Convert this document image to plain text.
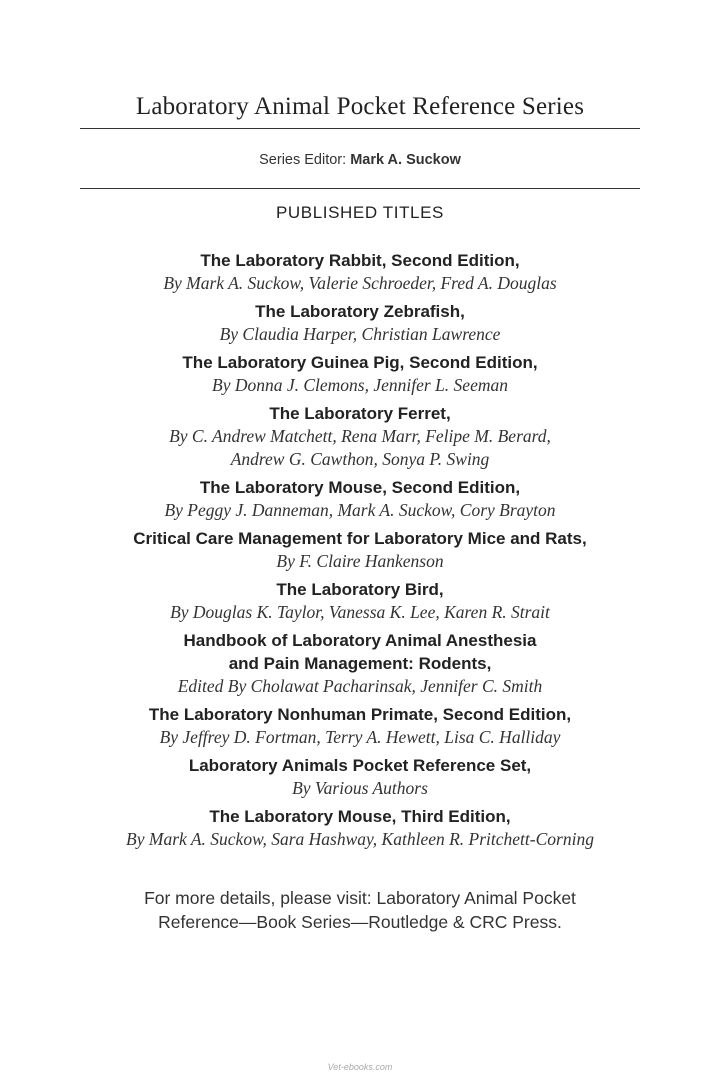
Laboratory Animal Pocket Reference Series
Series Editor: Mark A. Suckow
PUBLISHED TITLES
The Laboratory Rabbit, Second Edition,
By Mark A. Suckow, Valerie Schroeder, Fred A. Douglas
The Laboratory Zebrafish,
By Claudia Harper, Christian Lawrence
The Laboratory Guinea Pig, Second Edition,
By Donna J. Clemons, Jennifer L. Seeman
The Laboratory Ferret,
By C. Andrew Matchett, Rena Marr, Felipe M. Berard,
Andrew G. Cawthon, Sonya P. Swing
The Laboratory Mouse, Second Edition,
By Peggy J. Danneman, Mark A. Suckow, Cory Brayton
Critical Care Management for Laboratory Mice and Rats,
By F. Claire Hankenson
The Laboratory Bird,
By Douglas K. Taylor, Vanessa K. Lee, Karen R. Strait
Handbook of Laboratory Animal Anesthesia
and Pain Management: Rodents,
Edited By Cholawat Pacharinsak, Jennifer C. Smith
The Laboratory Nonhuman Primate, Second Edition,
By Jeffrey D. Fortman, Terry A. Hewett, Lisa C. Halliday
Laboratory Animals Pocket Reference Set,
By Various Authors
The Laboratory Mouse, Third Edition,
By Mark A. Suckow, Sara Hashway, Kathleen R. Pritchett-Corning
For more details, please visit: Laboratory Animal Pocket
Reference—Book Series—Routledge & CRC Press.
Vet-ebooks.com
